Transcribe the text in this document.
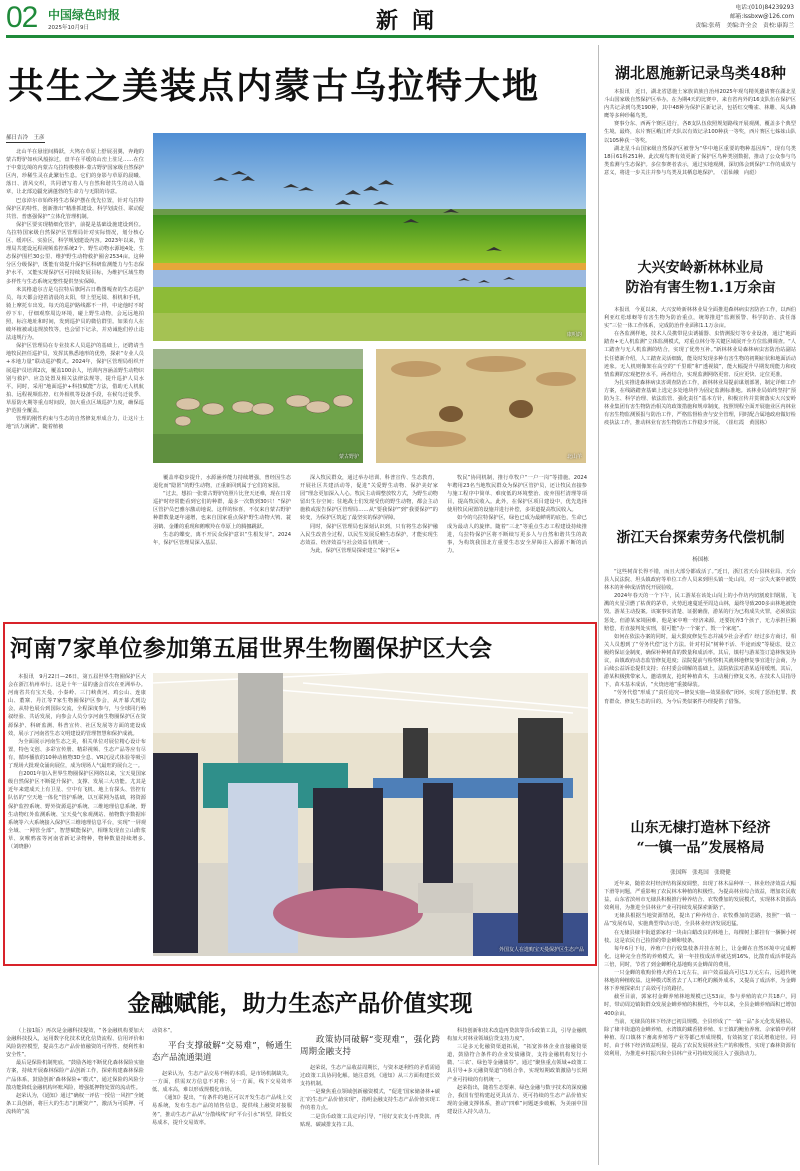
02 中国绿色时报
2025年10月9日	新闻	电话:(010)84239293
邮箱:lssbxw@126.com
责编:张萌　美编:许全会　责校:康海兰
共生之美装点内蒙古乌拉特大地
郝日吉冷　王彦

北山羊在悬崖间腾跃，大鸨在草原上舒展羽翼，奔跑的蒙古野驴如疾风般掠过，盘羊在平缓的山峦上驻足……在位于中蒙边境的内蒙古乌拉特梭梭林-蒙古野驴国家级自然保护区内，珍稀生灵在此繁衍生息。它们的身影与草原的晨曦、落日、清风交织，共同谱写着人与自然和谐共生的动人篇章，让北部边疆充满蓬勃的生命力与无限的诗意。

巴彦淖尔市始终将生态保护摆在优先位置，针对乌拉特保护区的特性，创新推出“精准抓建设、科学划责任、联动促共管、普惠强保护”立体化管理机制。

保护区要实现精细化管护，前提是基础设施建设到位。乌拉特国家级自然保护区管理局针对实际情况，划分核心区、缓冲区、实验区，科学规划建设内容。2023年以来，管理局共建设远程视频监控系统2个、野生动物水源地4处、生态保护围栏30公里、维护野生动物救护圈舍2534亩。这种分区分级保护，既能有效提升保护区科研监测能力与生态保护水平，又能实现保护区可持续发展目标，为维护区域生物多样性与生态系统完整性提供坚实保障。

米其格道尔吉是乌拉特后旗阿古日勒图嘎查的生态巡护员，每天都会迎着清晨的太阳，带上望远镜、相机和手机，骑上摩托车出发。每天的巡护路线都不一样，中途他时不时停下车，仔细观察周边环境，碰上野生动物，会远远地拍照，标注地址和时间，发到巡护员的微信群里。如果有人在破坏植被或违规放牧等，也会留下记录，并劝诫他们停止违法违规行为。

保护区管理局在专业技术人员巡护的基础上，还聘请当地牧民担任巡护员，发挥其熟悉地形的优势，探索“专业人员+本地力量”联动巡护模式。2024年，保护区管理局组织开展巡护员培训2次，覆盖100余人，培训内容涵盖野生动物识别与救护、应急处置及相关法律法规等，提升巡护人员水平。同时，采用“地面巡护+科技赋能”方法，借助无人机航拍、远程视频监控、红外相机等设备手段，在候鸟迁徙季、草原防火期等重点时间段，加大重点区域巡护力度，确保巡护范围全覆盖。

管理的刚性约束与生态的自然修复形成合力，让这片土地“活力满满”。随着植被

康明韵
蒙古野驴	北山羊

覆盖率稳步提升，水源涵养能力持续增强，曾经因生态退化而“隐匿”的野生动物，正重新回到属于它们的家园。

“过去，想拍一张蒙古野驴的照片比登天还难，现在日常巡护时经常能看到它们的种群，最多一次数到30只！”保护区管护员巴雅尔激动地说。这样的惊喜，不仅来自蒙古野驴种群数量逐年递增，也来自国家重点保护野生动物大鸨、蓑羽鹤、金雕的重现和鹅喉羚在草原上的腾挪跳跃。

生态的蝶变，离不开民众保护意识“生根发芽”。2024年，保护区管理局深入基层、

深入牧民群众，通过举办培训、科普宣传、生态教育，开展社区共建活动等，促进“关爱野生动物、保护美好家园”理念更加深入人心。牧民主动调整放牧方式，为野生动物留出生存空间；驻地战士们发现受伤的野生动物，都会主动施救或报告保护区管理局……从“要我保护”到“我要保护”的转变，为保护区筑起了最坚实的保护屏障。

同时，保护区管理局也深刻认识到，只有将生态保护融入民生改善全过程，以民生发展反哺生态保护，才能实现生态效益、经济效益与社会效益有机统一。

为此，保护区管理局探索建立“保护区+

牧民”协同机制，推行草牧户“一户一岗”等措施。2024年聘用23名当地牧民群众为保护区管护员，还让牧民直接参与施工程序中简单、难度低的环境整治、废弃围栏清理等项目，提高牧民收入。此外，在保护区项目建设中，优先选择使用牧民闲置的设施并进行补偿，多渠道提高牧民收入。

如今的乌拉特保护区，绿色已成为最鲜明的底色，生命已成为最动人的旋律。随着“三北”等重点生态工程建设持续推进，乌拉特保护区将不断续写更多人与自然和谐共生的故事，为构筑我国北方重要生态安全屏障注入源源不断的活力。

河南7家单位参加第五届世界生物圈保护区大会

本报讯　9月22日—26日，第五届世界生物圈保护区大会在浙江杭州举行。这是十年一届的盛会首次在亚洲举办。河南省共有宝天曼、小秦岭、三门峡黄河、鸡公山、连康山、董寨、丹江等7家生物圈保护区参会，从开幕式到边会，从特色展台到国际交流，全程深度参与，与全球同行畅叙经验、共话发展，向参会人员分享河南生物圈保护区在资源保护、科研监测、科普宣传、社区发展等方面的建设成效，展示了河南省生态文明建设的管理智慧和保护成就。

为全面展示河南生态之美，相关单位对展位精心设计布置，特色文创、多彩宣传册、精彩视频、生态产品等应有尽有，循环播放的10种动植物3D全息、VR沉浸式体验等吸引了现场大批观众涌向展位，成为现场人气最旺的展台之一。

自2001年加入世界生物圈保护区网络以来，宝天曼国家级自然保护区不断提升保护、支撑、发展三大功能。尤其是近年来建成天上有卫星、空中有飞机、地上有探头、管控有队伍的“空天地一体化”管护系统，以互联网为基础，将资源保护监控系统、野外资源巡护系统、三维地理信息系统、野生动物红外监测系统、宝天曼气象观测站、植物数字数据库系统等六大系统接入保护区三维地理信息平台，实现“一屏观全域、一网管全部”，智慧赋能保护，相继发现直立山酢浆草、灰喉鸦雀等河南省新记录物种，物种数量持续增多。　（刘晓静）

外国友人在选购宝天曼保护区生态产品
金融赋能，助力生态产品价值实现

（上接1版）再次是金融科技提效，“各金融机构要加大金融科技投入，运用数字化技术优化信贷流程、信用评价和风险防控模型，提高生态产品价值融资的可得性、便利性和安全性”。

最后是保险机制兜底，“鼓励各地不断优化森林保险实施方案，持续开展森林保险产品创新工作，探索构建森林保险产品体系，鼓励创新‘森林保险+’模式”，通过保险的风险分散功能降低金融机构坏账风险，增强抵押物处置的流动性。

赵荣认为，《通知》通过“确权一评估一授信一风控”全链条工具创新，将巨大的生态“沉睡资产”，激活为可质押、可流转的“流

动资本”。
平台支撑破解“交易难”，畅通生态产品流通渠道

赵荣认为，生态产品交易不畅的本质，是市场机制缺失。一方面，供需双方信息不对称；另一方面，线下交易效率低、成本高，难以形成规模化市场。

《通知》提出，“有条件的地区可以开发生态产品线上交易系统，发布生态产品的销售信息，提供线上融资对接服务”，推动生态产品从“分散线线”向“平台引水”转型，降低交易成本，提升交易效率。

政策协同破解“变现难”，强化跨周期金融支持

赵荣说，生态产品收益周期长，与资本逐利性的矛盾需通过政策工具协同化解。她注意到，《通知》从三方面构建长效支持机制。

一是聚焦重点领域创新融资模式，“促进‘国家储备林+碳汇’的生态产品价值实现”，指明金融支持生态产品价值实现工作的着力点。

二是货币政策工具定向引导，“用好支农支小再贷款、再贴现、碳减排支持工具、

科技创新和技术改造再贷款等货币政策工具，引导金融机构加大对林业领域信贷支持力度”。

三是多元化融资渠道拓展，“拓宽涉林企业直接融资渠道，鼓励符合条件的企业发债融资，支持金融机构发行小微、‘三农’、绿色等金融债券”。通过“聚焦重点领域+政策工具引导+多元融资渠道”的组合拳，实现短期政策激励与长期产业可持续的有机统一。

赵荣指出，随着生态要素、绿色金融与数字技术的深度融合，我国有望构建起更具活力、更可持续的生态产品价值实现的金融支撑体系，推动“四难”问题逐步破解，为美丽中国建设注入持久动力。

湖北恩施新记录鸟类48种

本报讯　近日，湖北省恩施土家族苗族自治州2025年观鸟精英邀请赛在湖北星斗山国家级自然保护区举办。在为期4天的比赛中，来自省内外的16支队伍在保护区内共记录到鸟类190种，其中48种为保护区新记录，包括红交嘴雀、林雕、凤头蜂鹰等多种珍稀鸟类。

赛事分东、西两个赛区进行，各8支队伍依照规划路线开展观测，覆盖多个典型生境。最终，东片赛区峨江纤夫队以有效记录100种获一等奖，西片赛区七姊妹山队以105种获一等奖。

湖北星斗山国家级自然保护区被誉为“华中地区重要的物种基因库”，现有鸟类18目61科251种。此次观鸟赛有效更新了保护区鸟种类别数据，推动了公众参与鸟类监测与生态保护。多位参赛者表示，通过实地观测，深切体会到保护工作的成效与意义，将进一步关注并参与鸟类及其栖息地保护。　（雷仙娥　向彪）

大兴安岭新林林业局
防治有害生物1.1万余亩

本报讯　今夏以来，大兴安岭新林林业局全面推进森林病虫害防治工作，以西伯利亚红松球蚜等有害生物为防治重点，统筹推进“监测预警、科学防治、责任落实”三位一体工作体系，完成防治作业面积1.1万余亩。

在各监测样地，技术人员携带昆虫诱捕器、虫情测报灯等专业设备，通过“地面踏查+无人机监测”立体监测模式，对重点林分等关键区域展开全方位监测调查。“人工踏查与无人机监测的结合，实现了优势互补。”新林林业局森林病虫害防治站副站长任德新介绍，人工踏查灵活细致，能及时发现多种有害生物的初期症状和地面活动迹象。无人机则像架在高空的“千里眼”和“透视镜”，能大幅提升早期发现能力和疫情监测的宏观把控水平。两者结合，实现监测网络更密、反应更快、定位更准。

为扎实推进森林病虫害调查防治工作，新林林业局提前谋划部署，制定详细工作方案，在线路踏查基础上选定多处地块作为固定监测标准地。该林业局始终坚持“预防为主、科学治理、依法监管、强化责任”基本方针，积极宣传并贯彻落实大兴安岭林业集团有害生物防治相关的政策措施和规章制度，按照规程全面开展施业区内林业有害生物监测预报与防治工作，严格监督检查与安全管理，同时配合属地政府做好检疫执法工作，推动林业有害生物防治工作稳步开展。　（崔红霞　黄国栋）

浙江天台探索劳务代偿机制
杨国栋

“这些树苗长得不错，而且大部分都成活了。”近日，浙江省天台县林业局、天台县人民法院、坦头镇政府等单位工作人员来到坦头镇一处山岗，对一宗失火案中被毁林木的补种成活情况开展验收。

2024年春天的一个下午，民工游某在该处山岗上的小作坊内切割废旧钢筋，飞溅的火星引燃了枯黄的茅草，火势迅速蔓延至周边山林，最终导致200多亩林地被烧毁。游某主动投案。该案事实清楚、证据确凿，游某的行为已构成失火罪，必须依法惩处。但游某家境困难，他是家中唯一经济来源，还要抚养3个孩子，无力承担巨额赔偿，若直接判处实刑，很可能“办一个案子、毁一个家庭”。

如何在依法办案的同时，最大限度修复生态并减少社会矛盾？经过多方商讨，相关人员想到了“劳务代偿”这个方法。针对村民“树种不活、半途而废”等疑虑，设立履约保证金制度，确保补种树苗的数量和成活率。其后，镇村与游某签订造林恢复协议，由镇政府动态监管修复进度；法院提前与检察机关就林地修复事宜进行会商，为后续公益诉讼提供支持；在村委会调解的基础上，法院依法对游某适用缓刑。其后，游某积极携带家人、邀请朋友，抢时种植苗木，主动履行修复义务。在技术人员指导下，苗木基本成活，“火烧迹地”重披绿装。

“劳务代偿”形成了“责任追究—修复实施—效果验收”闭环，实现了惩治犯罪、教育群众、修复生态的目的，为今后类似案件办理提供了借鉴。

山东无棣打造林下经济
“一镇一品”发展格局
张国辉　张兆国　张晓健

近年来，随着农村经济结构深度调整，出现了林木品种单一、林业经济效益大幅下滑等问题，严重影响了农民林木种植的积极性。为提高林业综合效益，增加农民收益，山东省滨州市无棣县积极推行种养结合、农牧叠加的发展模式，实现林木资源高效利用，为推进全县林业产业可持续发展探索新路子。

无棣县根据当地资源情况，提出了种养结合、农牧叠加的思路，按照“一镇一品”发展布局，实施典型带动示范，全县林业经济发展迅猛。

在无棣县棣丰街道郭家村一块由白蜡改良的林地上，每棵树上都挂有一捆捆小树枝。这是农民自己捡拾的带金蝉卵枝条。

每年6月下旬，养殖户自行收集枝条并挂在树上，让金蝉在自然环境中完成孵化。这种完全自然的养殖模式，第一年挂枝成活率就达到16%，比散育成活率提高三倍，同时，节省了到金蝉孵化基地购买金蝉苗的费用。

一只金蝉的收购价格大约在1元左右，亩户效益最高可达1万元左右，远超传统林地的种植收益。这种模式既省去了人工孵化的额外成本，又提高了成活率，为金蝉林下养殖探索出了高效可行的路径。

截至目前，郭家村金蝉养殖林地规模已达53亩，参与养殖的农户共18户。同时，带动周边镇街群众发展金蝉养殖的积极性，今年以来，全县金蝉养殖面积已增加400余亩。

当前，无棣县的林下经济已初具规模，全县形成了“一镇一品”多元化发展格局。除了棣丰街道的金蝉养殖，水湾镇的藏香猪养殖、车王镇的鲍鱼养殖、佘家镇中药材种植、埕口镇林下畜禽养殖等产业等都已形成规模，有效拓宽了农民增收途径。同时，由于林下经济效益明显，提高了农民发展林业生产的积极性，实现了森林资源有效利用，为推进乡村振兴和全县林产业可持续发展注入了强劲动力。
